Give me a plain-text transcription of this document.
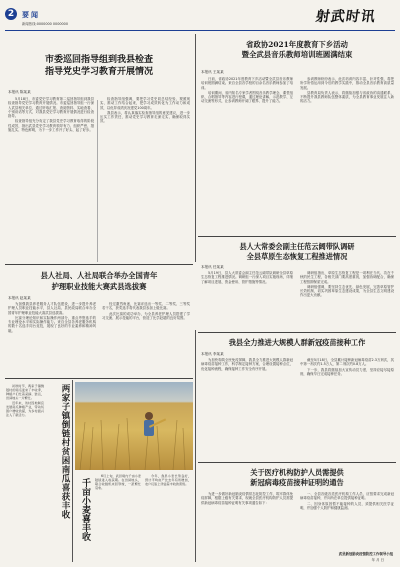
2	要闻
新闻热线:0000000 0000000	射武时讯
市委巡回指导组到我县检查
指导党史学习教育开展情况
本报讯 陈某某

5月18日，市委党史学习教育第二巡回指导组到我县检查指导党史学习教育开展情况。市委巡回指导组一行深入武县相关单位，通过听取汇报、查阅资料、实地查看、个别谈话等方式，对我县党史学习教育开展情况进行检查指导。

检查指导组充分肯定了我县党史学习教育取得的阶段性成效，指出武县党史学习教育领导有力、组织严密、措施扎实、特色鲜明，为下一步工作开了好头、起了好步。

检查指导组强调，要把学习党史同总结经验、观照现实、推动工作结合起来，把学习成效转化为工作动力和成效，以优异成绩庆祝建党100周年。

我县表示，将认真落实检查指导组的意见建议，进一步压实工作责任，推动党史学习教育走深走实，确保取得实效。

省政协2021年度教育下乡活动
暨全武县音乐教师培训班圆满结束
本报讯 王某某

日前，省政协2021年度教育下乡活动暨全武县音乐教师培训班圆满结束。来自全县各学校的百余名音乐教师参加了培训。

培训期间，省内知名专家学者围绕音乐教学理念、课堂组织、合唱指导等内容进行授课，通过理论讲解、示范教学、互动交流等形式，让参训教师开阔了眼界、提升了能力。

参训教师纷纷表示，此次培训内容丰富、针对性强，将把所学所悟运用到今后的教学实践中，推动全县音乐教育高质量发展。

县教育局负责人表示，将继续加强与省政协的沟通联系，不断提升我县教师队伍整体素质，为全县教育事业发展注入新的活力。

县人大常委会副主任范云阔带队调研
全县草原生态恢复工程推进情况
本报讯 任某某

5月19日，县人大常委会副主任范云阔带队调研全县草原生态恢复工程推进情况。调研组一行深入项目实施现场，详细了解项目进展、资金使用、管护措施等情况。

调研组指出，草原生态恢复工程是一项利在当代、功在千秋的民生工程，各相关部门要高度重视，加强协调配合，确保工程按期保质完成。

调研组强调，要坚持生态优先、绿色发展，完善草原管护长效机制，切实巩固草原生态建设成果，为全县生态文明建设作出更大贡献。

县人社局、人社局联合举办全国青年
护理职业技能大赛武县选拔赛
本报讯 赵某某

为加强我县养老服务人才队伍建设，进一步提升养老护理人员职业技能水平，县人社局、县民政局联合举办全国青年护理职业技能大赛武县选拔赛。

比赛分理论知识和实际操作两部分，重点考察选手的专业理论水平和实际操作能力。来自全县各养老服务机构的数十名选手同台竞技，展现了良好的专业素养和精神风貌。

经过激烈角逐，比赛评选出一等奖、二等奖、三等奖若干名，获奖选手将代表我县参加上级比赛。

此次比赛的成功举办，为全县养老护理人员搭建了学习交流、展示技能的平台，营造了比学赶超的良好氛围。

我县全力推进大规模人群新冠疫苗接种工作
本报讯 李某某

为加快构筑全民免疫屏障，我县全力推进大规模人群新冠病毒疫苗接种工作，科学制定接种方案，合理设置接种点位，优化接种流程，确保接种工作安全有序开展。

截至5月18日，全县累计接种新冠病毒疫苗2.3万剂次，其中第一剂次约1.5万人，第二剂次约0.8万人。

下一步，我县将继续加大宣传动员力度，坚持应接尽接原则，确保早日完成接种任务。

关于医疗机构防护人员需提供
新冠病毒疫苗接种证明的通告

为进一步做好新冠肺炎疫情常态化防控工作，筑牢群体免疫屏障，根据上级有关要求，现就全县医疗机构防护人员需提供新冠病毒疫苗接种证明有关事项通告如下：

一、全县各级各类医疗机构工作人员，应按要求完成新冠病毒疫苗接种，并向所在单位提供接种证明。

二、因身体原因暂不能接种的人员，须提供相关医学证明，并加强个人防护和健康监测。

武县新冠肺炎疫情防控工作领导小组
年 月 日
两家子镇倒链村贫困南瓜喜获丰收

初秋时节，两家子镇倒链村的南瓜迎来了丰收季，种植户们忙着采摘、装运，田间地头一片繁忙。

近年来，该村因地制宜发展南瓜种植产业，带动贫困户增收致富，为乡村振兴注入了新活力。

千亩小麦喜丰收

6月上旬，武县境内千亩小麦陆续进入收获期。在田间地头，联合收割机来回穿梭，一派繁忙景象。

今年，我县小麦长势良好，预计平均亩产比去年有所增加，农户们脸上洋溢着丰收的喜悦。
